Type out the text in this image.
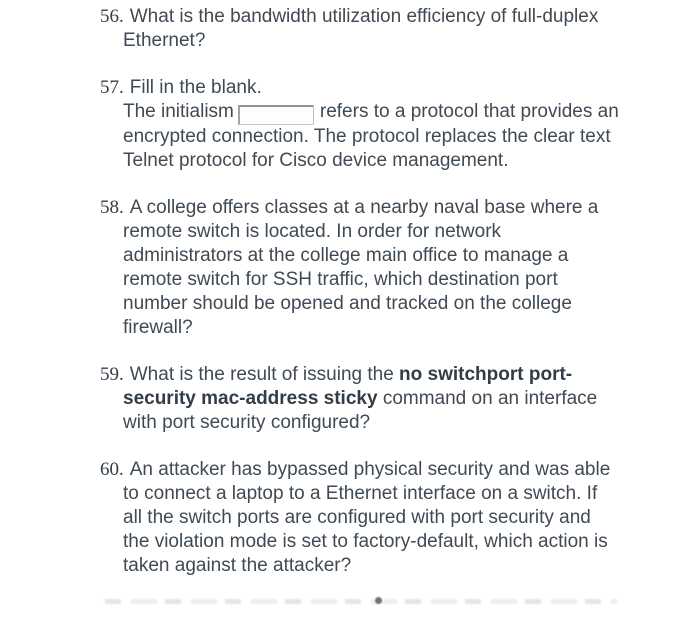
56. What is the bandwidth utilization efficiency of full-duplex Ethernet?
57. Fill in the blank.
The initialism	refers to a protocol that provides an encrypted connection. The protocol replaces the clear text Telnet protocol for Cisco device management.
58. A college offers classes at a nearby naval base where a remote switch is located. In order for network administrators at the college main office to manage a remote switch for SSH traffic, which destination port number should be opened and tracked on the college firewall?
59. What is the result of issuing the no switchport port-security mac-address sticky command on an interface with port security configured?
60. An attacker has bypassed physical security and was able to connect a laptop to a Ethernet interface on a switch. If all the switch ports are configured with port security and the violation mode is set to factory-default, which action is taken against the attacker?
